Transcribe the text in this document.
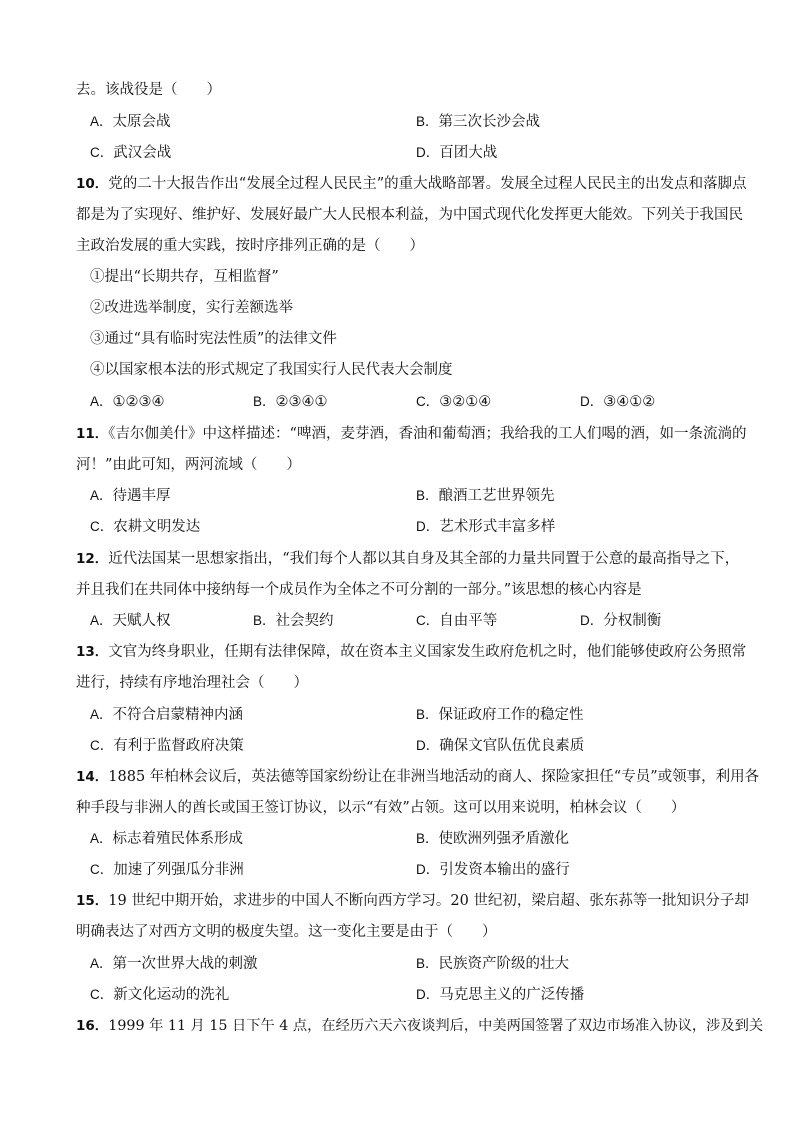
去。该战役是（　　）
A．太原会战	B．第三次长沙会战
C．武汉会战	D．百团大战
10．党的二十大报告作出“发展全过程人民民主”的重大战略部署。发展全过程人民民主的出发点和落脚点
都是为了实现好、维护好、发展好最广大人民根本利益，为中国式现代化发挥更大能效。下列关于我国民
主政治发展的重大实践，按时序排列正确的是（　　）
①提出“长期共存，互相监督”
②改进选举制度，实行差额选举
③通过“具有临时宪法性质”的法律文件
④以国家根本法的形式规定了我国实行人民代表大会制度
A．①②③④	B．②③④①	C．③②①④	D．③④①②
11．《吉尔伽美什》中这样描述：“啤酒，麦芽酒，香油和葡萄酒；我给我的工人们喝的酒，如一条流淌的
河！”由此可知，两河流域（　　）
A．待遇丰厚	B．酿酒工艺世界领先
C．农耕文明发达	D．艺术形式丰富多样
12．近代法国某一思想家指出，“我们每个人都以其自身及其全部的力量共同置于公意的最高指导之下，
并且我们在共同体中接纳每一个成员作为全体之不可分割的一部分。”该思想的核心内容是
A．天赋人权	B．社会契约	C．自由平等	D．分权制衡
13．文官为终身职业，任期有法律保障，故在资本主义国家发生政府危机之时，他们能够使政府公务照常
进行，持续有序地治理社会（　　）
A．不符合启蒙精神内涵	B．保证政府工作的稳定性
C．有利于监督政府决策	D．确保文官队伍优良素质
14．1885 年柏林会议后，英法德等国家纷纷让在非洲当地活动的商人、探险家担任“专员”或领事，利用各
种手段与非洲人的酋长或国王签订协议，以示“有效”占领。这可以用来说明，柏林会议（　　）
A．标志着殖民体系形成	B．使欧洲列强矛盾激化
C．加速了列强瓜分非洲	D．引发资本输出的盛行
15．19 世纪中期开始，求进步的中国人不断向西方学习。20 世纪初，梁启超、张东荪等一批知识分子却
明确表达了对西方文明的极度失望。这一变化主要是由于（　　）
A．第一次世界大战的刺激	B．民族资产阶级的壮大
C．新文化运动的洗礼	D．马克思主义的广泛传播
16．1999 年 11 月 15 日下午 4 点，在经历六天六夜谈判后，中美两国签署了双边市场准入协议，涉及到关
